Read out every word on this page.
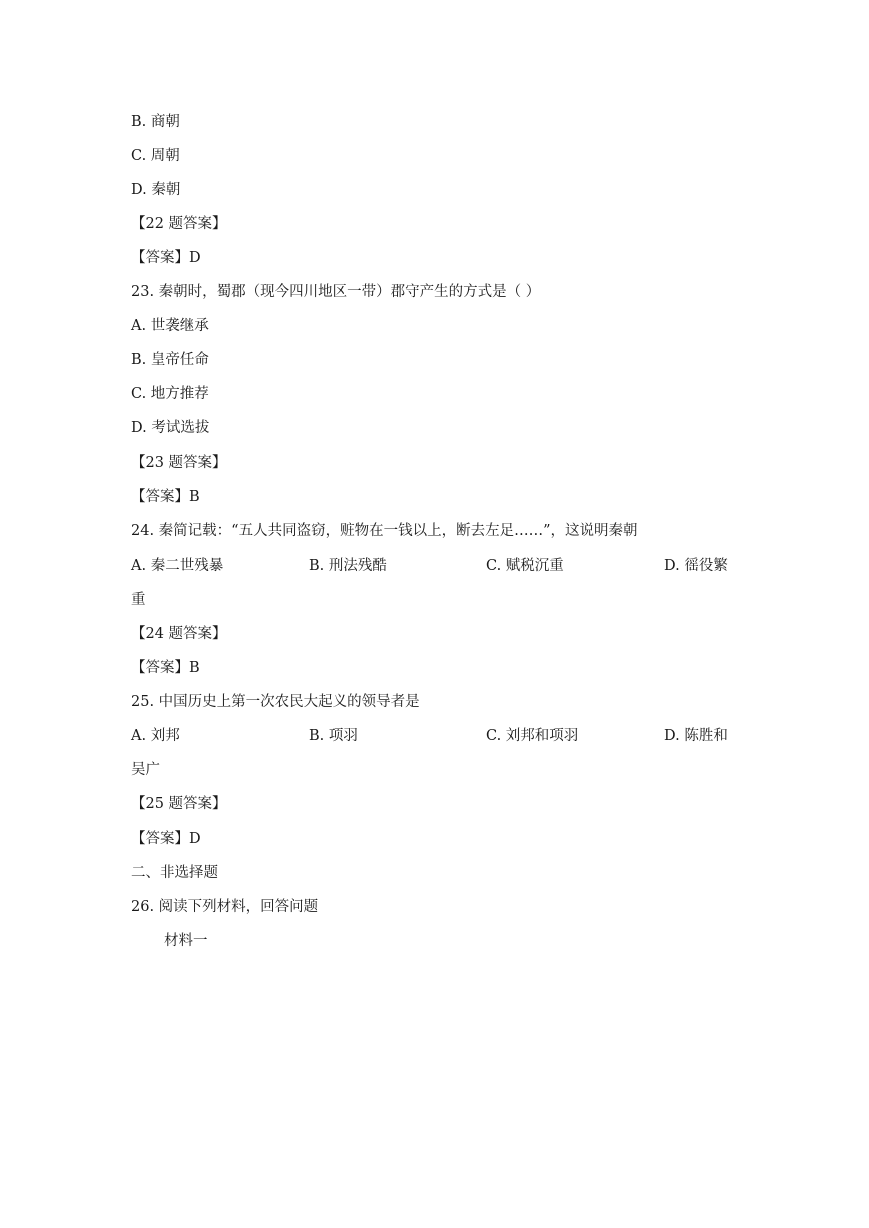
B. 商朝
C. 周朝
D. 秦朝
【22 题答案】
【答案】D
23. 秦朝时，蜀郡（现今四川地区一带）郡守产生的方式是（ ）
A. 世袭继承
B. 皇帝任命
C. 地方推荐
D. 考试选拔
【23 题答案】
【答案】B
24. 秦简记载：“五人共同盗窃，赃物在一钱以上，断去左足……”，这说明秦朝
A. 秦二世残暴	B. 刑法残酷	C. 赋税沉重	D. 徭役繁
重
【24 题答案】
【答案】B
25. 中国历史上第一次农民大起义的领导者是
A. 刘邦	B. 项羽	C. 刘邦和项羽	D. 陈胜和
吴广
【25 题答案】
【答案】D
二、非选择题
26. 阅读下列材料，回答问题
材料一
